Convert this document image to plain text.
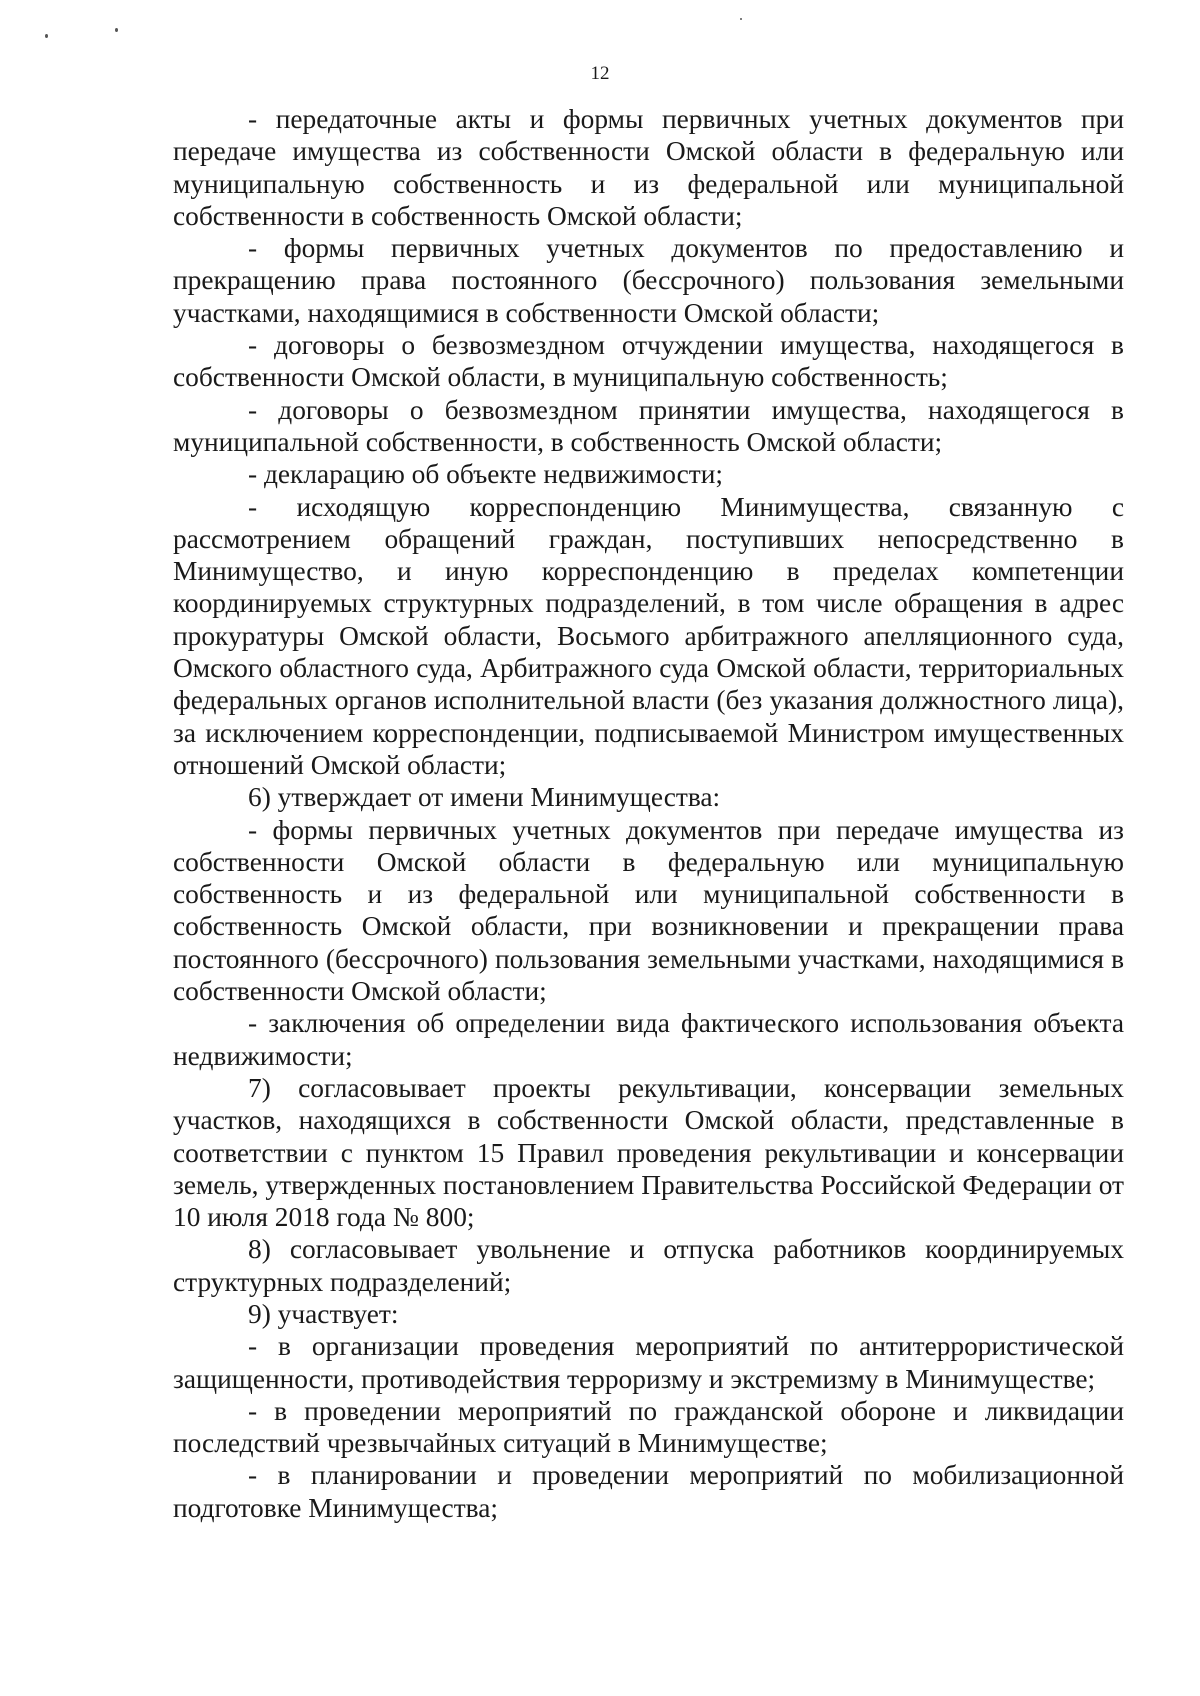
12

- передаточные акты и формы первичных учетных документов при передаче имущества из собственности Омской области в федеральную или муниципальную собственность и из федеральной или муниципальной собственности в собственность Омской области;

- формы первичных учетных документов по предоставлению и прекращению права постоянного (бессрочного) пользования земельными участками, находящимися в собственности Омской области;

- договоры о безвозмездном отчуждении имущества, находящегося в собственности Омской области, в муниципальную собственность;

- договоры о безвозмездном принятии имущества, находящегося в муниципальной собственности, в собственность Омской области;

- декларацию об объекте недвижимости;

- исходящую корреспонденцию Минимущества, связанную с рассмотрением обращений граждан, поступивших непосредственно в Минимущество, и иную корреспонденцию в пределах компетенции координируемых структурных подразделений, в том числе обращения в адрес прокуратуры Омской области, Восьмого арбитражного апелляционного суда, Омского областного суда, Арбитражного суда Омской области, территориальных федеральных органов исполнительной власти (без указания должностного лица), за исключением корреспонденции, подписываемой Министром имущественных отношений Омской области;

6) утверждает от имени Минимущества:

- формы первичных учетных документов при передаче имущества из собственности Омской области в федеральную или муниципальную собственность и из федеральной или муниципальной собственности в собственность Омской области, при возникновении и прекращении права постоянного (бессрочного) пользования земельными участками, находящимися в собственности Омской области;

- заключения об определении вида фактического использования объекта недвижимости;

7) согласовывает проекты рекультивации, консервации земельных участков, находящихся в собственности Омской области, представленные в соответствии с пунктом 15 Правил проведения рекультивации и консервации земель, утвержденных постановлением Правительства Российской Федерации от 10 июля 2018 года № 800;

8) согласовывает увольнение и отпуска работников координируемых структурных подразделений;

9) участвует:

- в организации проведения мероприятий по антитеррористической защищенности, противодействия терроризму и экстремизму в Минимуществе;

- в проведении мероприятий по гражданской обороне и ликвидации последствий чрезвычайных ситуаций в Минимуществе;

- в планировании и проведении мероприятий по мобилизационной подготовке Минимущества;
